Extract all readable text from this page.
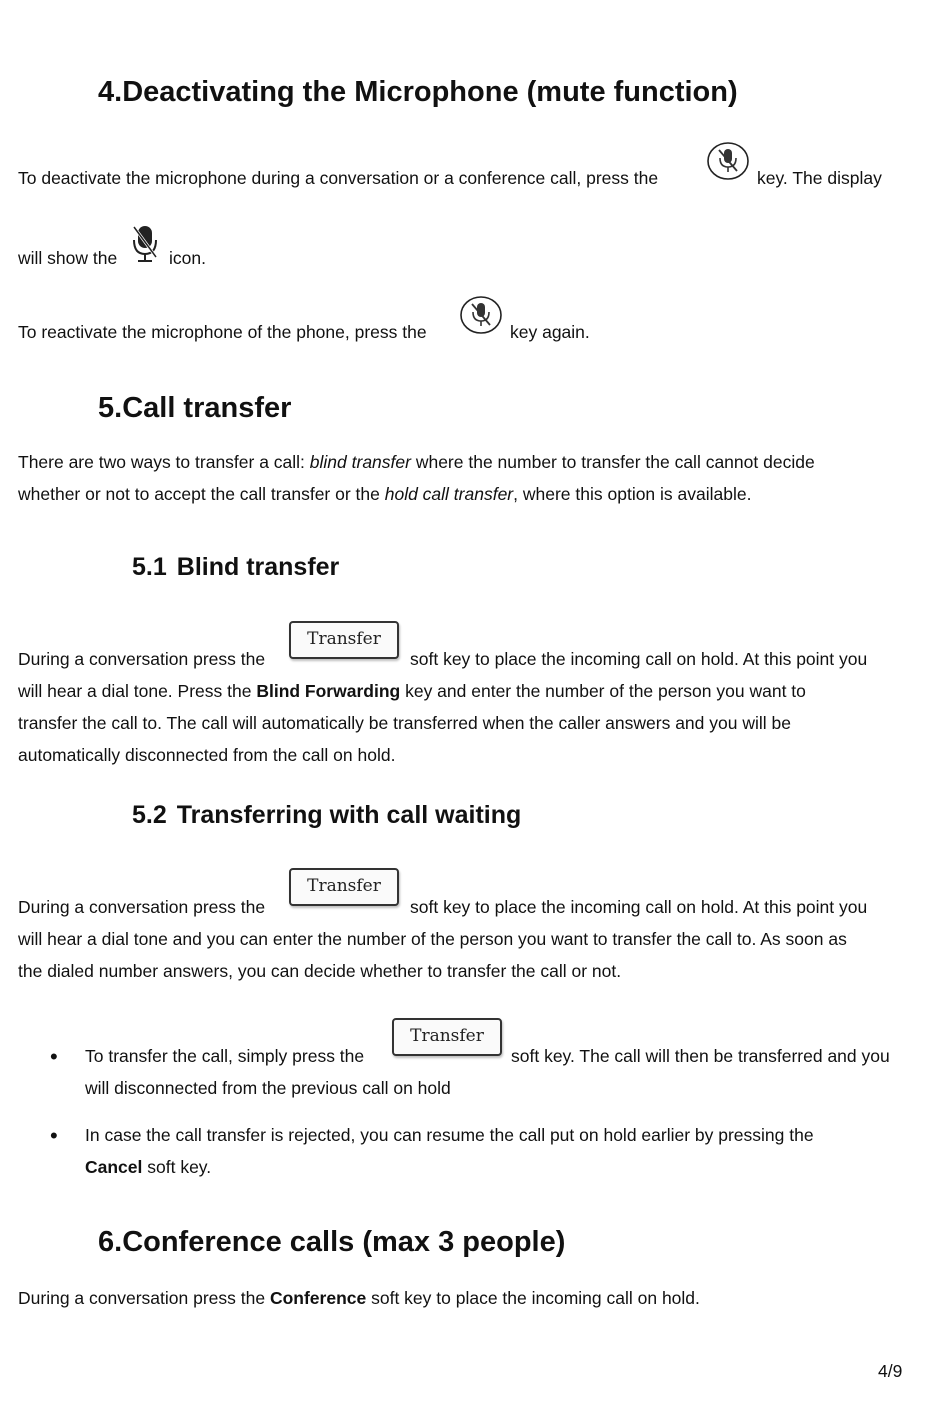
4.Deactivating the Microphone (mute function)
To deactivate the microphone during a conversation or a conference call, press the	key. The display
will show the	icon.
To reactivate the microphone of the phone, press the	key again.
5.Call transfer
There are two ways to transfer a call: blind transfer where the number to transfer the call cannot decide
whether or not to accept the call transfer or the hold call transfer, where this option is available.
5.1 Blind transfer
During a conversation press the
Transfer
soft key to place the incoming call on hold. At this point you
will hear a dial tone. Press the Blind Forwarding key and enter the number of the person you want to
transfer the call to. The call will automatically be transferred when the caller answers and you will be
automatically disconnected from the call on hold.
5.2 Transferring with call waiting
During a conversation press the
Transfer
soft key to place the incoming call on hold. At this point you
will hear a dial tone and you can enter the number of the person you want to transfer the call to. As soon as
the dialed number answers, you can decide whether to transfer the call or not.
• To transfer the call, simply press the
Transfer
soft key. The call will then be transferred and you
will disconnected from the previous call on hold
• In case the call transfer is rejected, you can resume the call put on hold earlier by pressing the
Cancel soft key.
6.Conference calls (max 3 people)
During a conversation press the Conference soft key to place the incoming call on hold.
4/9
